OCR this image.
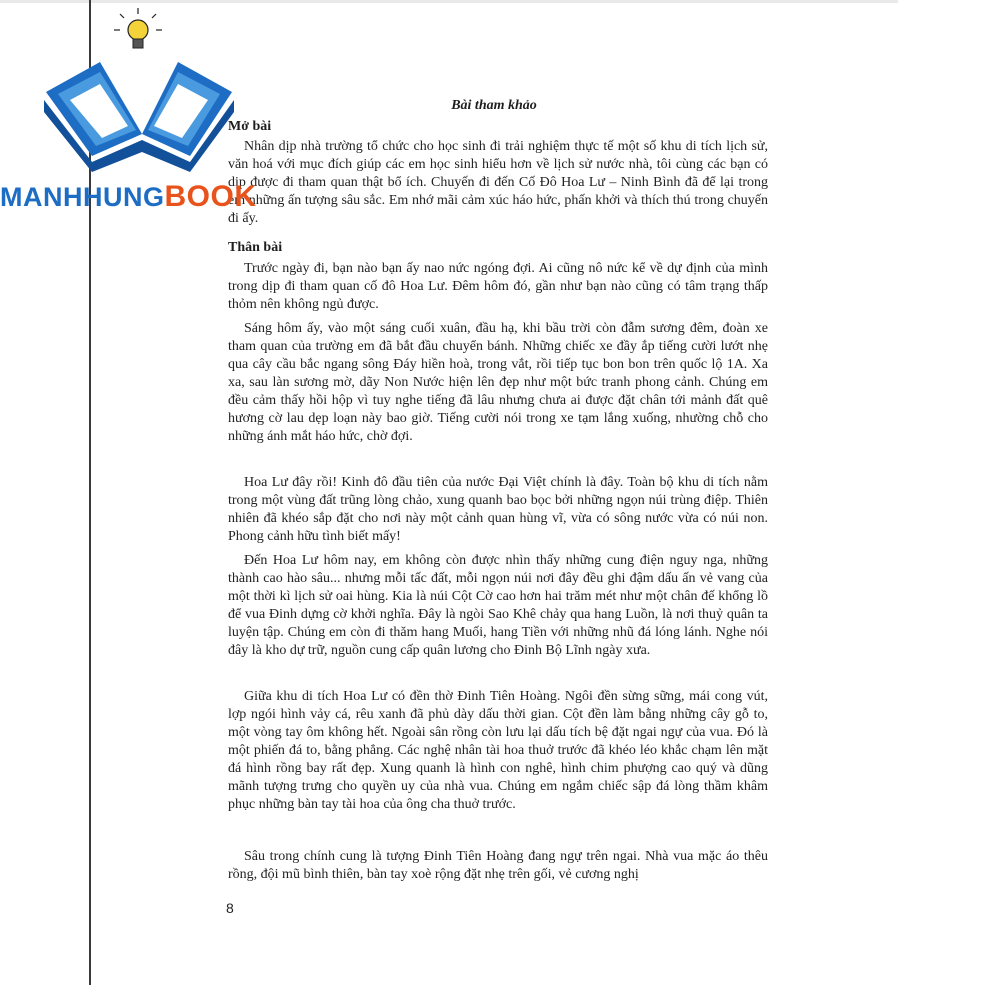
Bài tham khảo
Mở bài

Nhân dịp nhà trường tổ chức cho học sinh đi trải nghiệm thực tế một số khu di tích lịch sử, văn hoá với mục đích giúp các em học sinh hiểu hơn về lịch sử nước nhà, tôi cùng các bạn có dịp được đi tham quan thật bổ ích. Chuyến đi đến Cố Đô Hoa Lư – Ninh Bình đã để lại trong em những ấn tượng sâu sắc. Em nhớ mãi cảm xúc háo hức, phấn khởi và thích thú trong chuyến đi ấy.

Thân bài

Trước ngày đi, bạn nào bạn ấy nao nức ngóng đợi. Ai cũng nô nức kể về dự định của mình trong dịp đi tham quan cố đô Hoa Lư. Đêm hôm đó, gần như bạn nào cũng có tâm trạng thấp thỏm nên không ngủ được.

Sáng hôm ấy, vào một sáng cuối xuân, đầu hạ, khi bầu trời còn đẫm sương đêm, đoàn xe tham quan của trường em đã bắt đầu chuyển bánh. Những chiếc xe đầy ắp tiếng cười lướt nhẹ qua cây cầu bắc ngang sông Đáy hiền hoà, trong vắt, rồi tiếp tục bon bon trên quốc lộ 1A. Xa xa, sau làn sương mờ, dãy Non Nước hiện lên đẹp như một bức tranh phong cảnh. Chúng em đều cảm thấy hồi hộp vì tuy nghe tiếng đã lâu nhưng chưa ai được đặt chân tới mảnh đất quê hương cờ lau dẹp loạn này bao giờ. Tiếng cười nói trong xe tạm lắng xuống, nhường chỗ cho những ánh mắt háo hức, chờ đợi.

Hoa Lư đây rồi! Kinh đô đầu tiên của nước Đại Việt chính là đây. Toàn bộ khu di tích nằm trong một vùng đất trũng lòng chảo, xung quanh bao bọc bởi những ngọn núi trùng điệp. Thiên nhiên đã khéo sắp đặt cho nơi này một cảnh quan hùng vĩ, vừa có sông nước vừa có núi non. Phong cảnh hữu tình biết mấy!

Đến Hoa Lư hôm nay, em không còn được nhìn thấy những cung điện nguy nga, những thành cao hào sâu... nhưng mỗi tấc đất, mỗi ngọn núi nơi đây đều ghi đậm dấu ấn vẻ vang của một thời kì lịch sử oai hùng. Kia là núi Cột Cờ cao hơn hai trăm mét như một chân đế khổng lồ để vua Đinh dựng cờ khởi nghĩa. Đây là ngòi Sao Khê chảy qua hang Luồn, là nơi thuỷ quân ta luyện tập. Chúng em còn đi thăm hang Muối, hang Tiền với những nhũ đá lóng lánh. Nghe nói đây là kho dự trữ, nguồn cung cấp quân lương cho Đinh Bộ Lĩnh ngày xưa.

Giữa khu di tích Hoa Lư có đền thờ Đinh Tiên Hoàng. Ngôi đền sừng sững, mái cong vút, lợp ngói hình vảy cá, rêu xanh đã phủ dày dấu thời gian. Cột đền làm bằng những cây gỗ to, một vòng tay ôm không hết. Ngoài sân rồng còn lưu lại dấu tích bệ đặt ngai ngự của vua. Đó là một phiến đá to, bằng phẳng. Các nghệ nhân tài hoa thuở trước đã khéo léo khắc chạm lên mặt đá hình rồng bay rất đẹp. Xung quanh là hình con nghê, hình chim phượng cao quý và dũng mãnh tượng trưng cho quyền uy của nhà vua. Chúng em ngắm chiếc sập đá lòng thầm khâm phục những bàn tay tài hoa của ông cha thuở trước.

Sâu trong chính cung là tượng Đinh Tiên Hoàng đang ngự trên ngai. Nhà vua mặc áo thêu rồng, đội mũ bình thiên, bàn tay xoè rộng đặt nhẹ trên gối, vẻ cương nghị

8
MANHHUNGBOOK
